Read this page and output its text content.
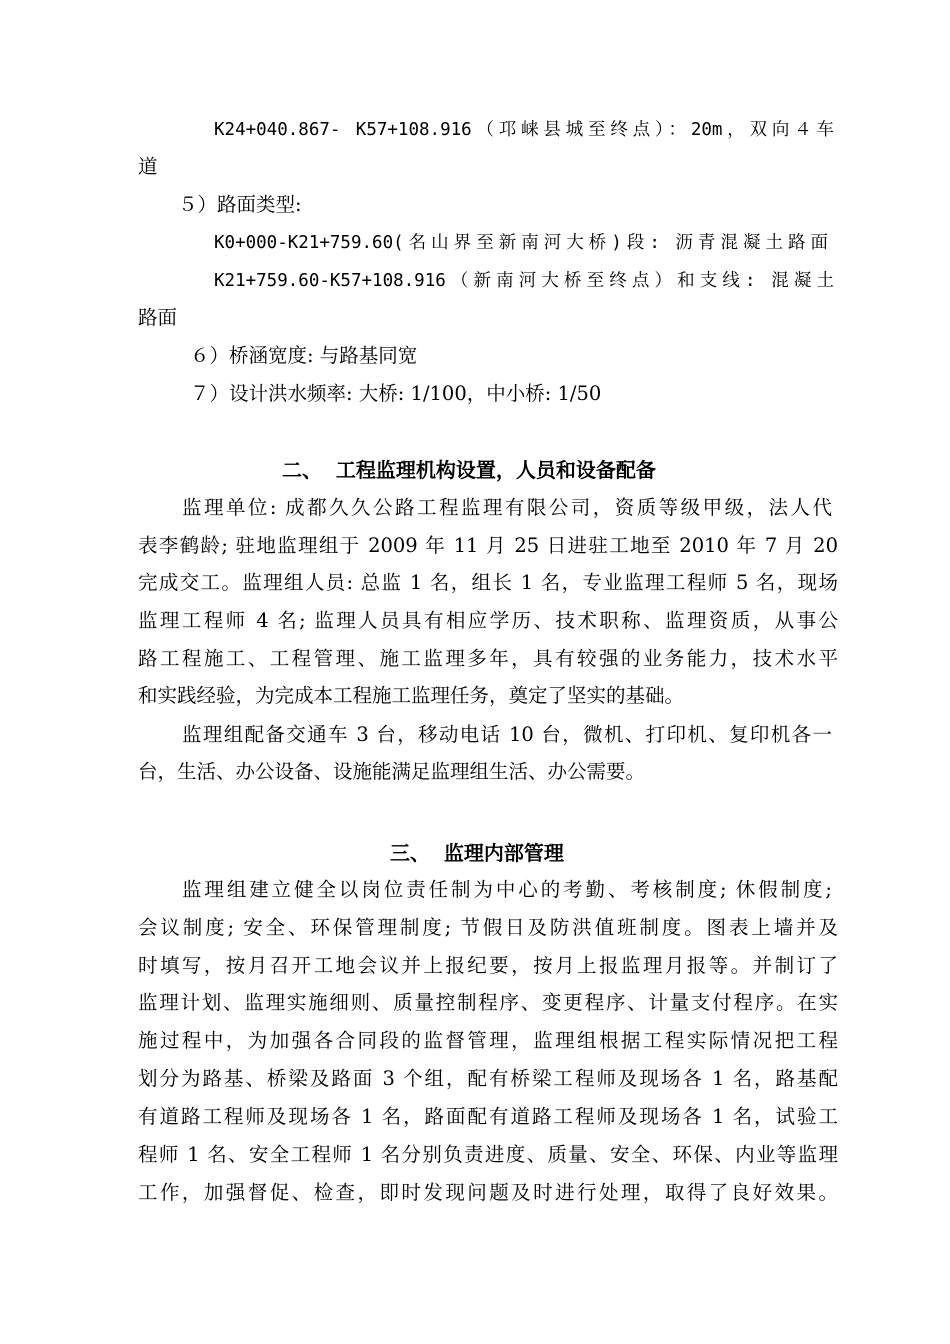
K24+040.867- K57+108.916（邛崃县城至终点）：20m，双向４车
道
５）路面类型:
K0+000-K21+759.60(名山界至新南河大桥)段: 沥青混凝土路面
K21+759.60-K57+108.916（新南河大桥至终点）和支线: 混凝土
路面
６）桥涵宽度: 与路基同宽
７）设计洪水频率: 大桥: 1/100，中小桥: 1/50
二、  工程监理机构设置，人员和设备配备
监理单位: 成都久久公路工程监理有限公司，资质等级甲级，法人代
表李鹤龄; 驻地监理组于 2009 年 11 月 25 日进驻工地至 2010 年 7 月 20
完成交工。监理组人员: 总监 1 名，组长 1 名，专业监理工程师 5 名，现场
监理工程师 4 名; 监理人员具有相应学历、技术职称、监理资质，从事公
路工程施工、工程管理、施工监理多年，具有较强的业务能力，技术水平
和实践经验，为完成本工程施工监理任务，奠定了坚实的基础。
监理组配备交通车 3 台，移动电话 10 台，微机、打印机、复印机各一
台，生活、办公设备、设施能满足监理组生活、办公需要。
三、  监理内部管理
监理组建立健全以岗位责任制为中心的考勤、考核制度; 休假制度;
会议制度; 安全、环保管理制度; 节假日及防洪值班制度。图表上墙并及
时填写，按月召开工地会议并上报纪要，按月上报监理月报等。并制订了
监理计划、监理实施细则、质量控制程序、变更程序、计量支付程序。在实
施过程中，为加强各合同段的监督管理，监理组根据工程实际情况把工程
划分为路基、桥梁及路面 3 个组，配有桥梁工程师及现场各 1 名，路基配
有道路工程师及现场各 1 名，路面配有道路工程师及现场各 1 名，试验工
程师 1 名、安全工程师 1 名分别负责进度、质量、安全、环保、内业等监理
工作，加强督促、检查，即时发现问题及时进行处理，取得了良好效果。
